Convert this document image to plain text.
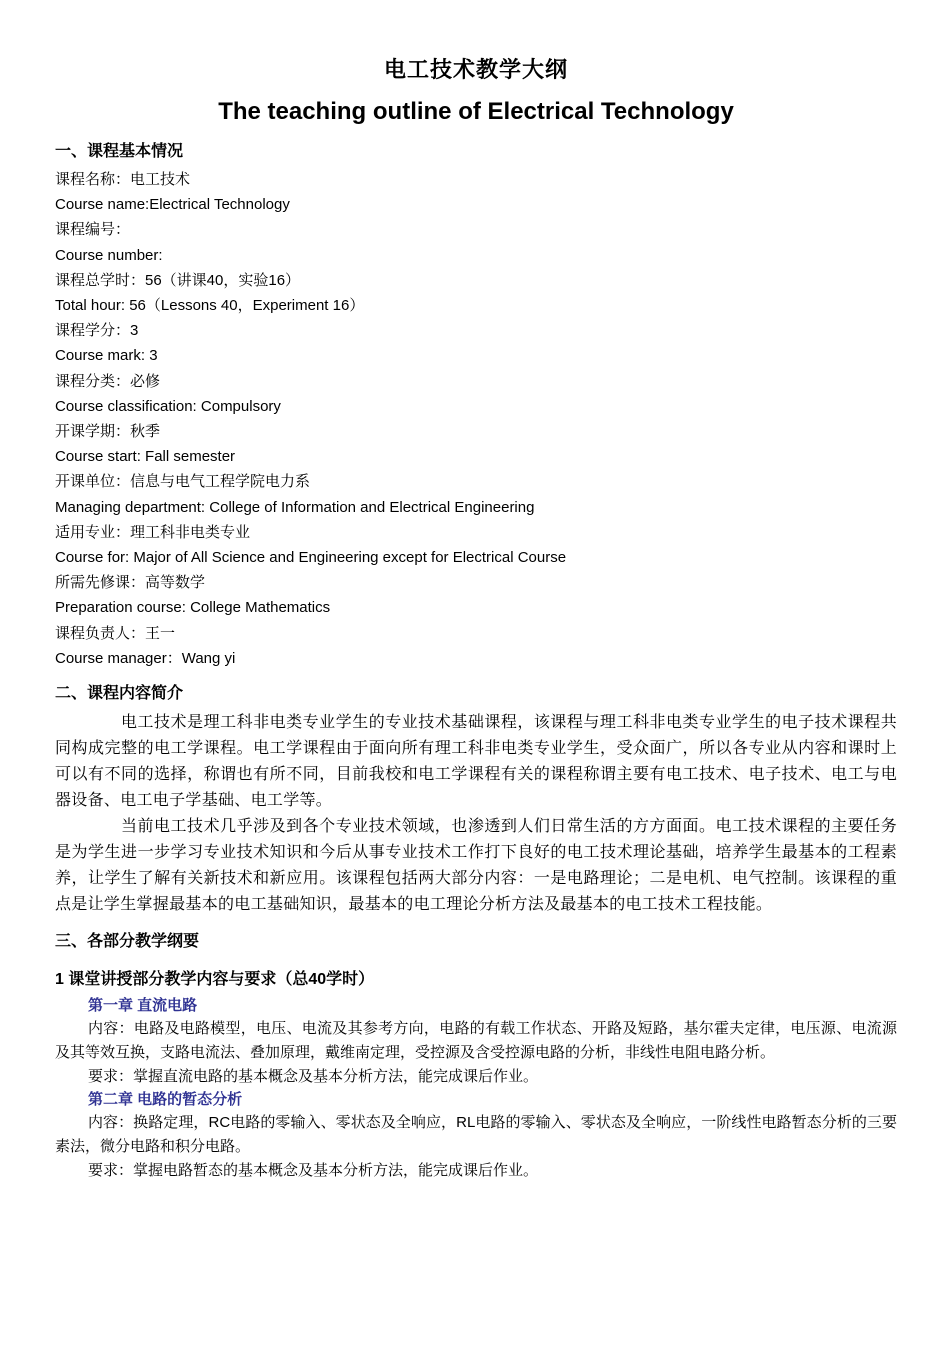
电工技术教学大纲
The teaching outline of Electrical Technology
一、课程基本情况
课程名称：电工技术
Course name:Electrical Technology
课程编号：
Course number:
课程总学时：56（讲课40，实验16）
Total hour: 56（Lessons 40，Experiment 16）
课程学分：3
Course mark: 3
课程分类：必修
Course classification: Compulsory
开课学期：秋季
Course start: Fall semester
开课单位：信息与电气工程学院电力系
Managing department: College of Information and Electrical Engineering
适用专业：理工科非电类专业
Course for: Major of All Science and Engineering except for Electrical Course
所需先修课：高等数学
Preparation course: College Mathematics
课程负责人：王一
Course manager：Wang yi
二、课程内容简介

电工技术是理工科非电类专业学生的专业技术基础课程，该课程与理工科非电类专业学生的电子技术课程共同构成完整的电工学课程。电工学课程由于面向所有理工科非电类专业学生，受众面广，所以各专业从内容和课时上可以有不同的选择，称谓也有所不同，目前我校和电工学课程有关的课程称谓主要有电工技术、电子技术、电工与电器设备、电工电子学基础、电工学等。

当前电工技术几乎涉及到各个专业技术领域，也渗透到人们日常生活的方方面面。电工技术课程的主要任务是为学生进一步学习专业技术知识和今后从事专业技术工作打下良好的电工技术理论基础，培养学生最基本的工程素养，让学生了解有关新技术和新应用。该课程包括两大部分内容：一是电路理论；二是电机、电气控制。该课程的重点是让学生掌握最基本的电工基础知识，最基本的电工理论分析方法及最基本的电工技术工程技能。

三、各部分教学纲要
1 课堂讲授部分教学内容与要求（总40学时）
第一章 直流电路

内容：电路及电路模型，电压、电流及其参考方向，电路的有载工作状态、开路及短路，基尔霍夫定律，电压源、电流源及其等效互换，支路电流法、叠加原理，戴维南定理，受控源及含受控源电路的分析，非线性电阻电路分析。

要求：掌握直流电路的基本概念及基本分析方法，能完成课后作业。

第二章 电路的暂态分析

内容：换路定理，RC电路的零输入、零状态及全响应，RL电路的零输入、零状态及全响应，一阶线性电路暂态分析的三要素法，微分电路和积分电路。

要求：掌握电路暂态的基本概念及基本分析方法，能完成课后作业。
